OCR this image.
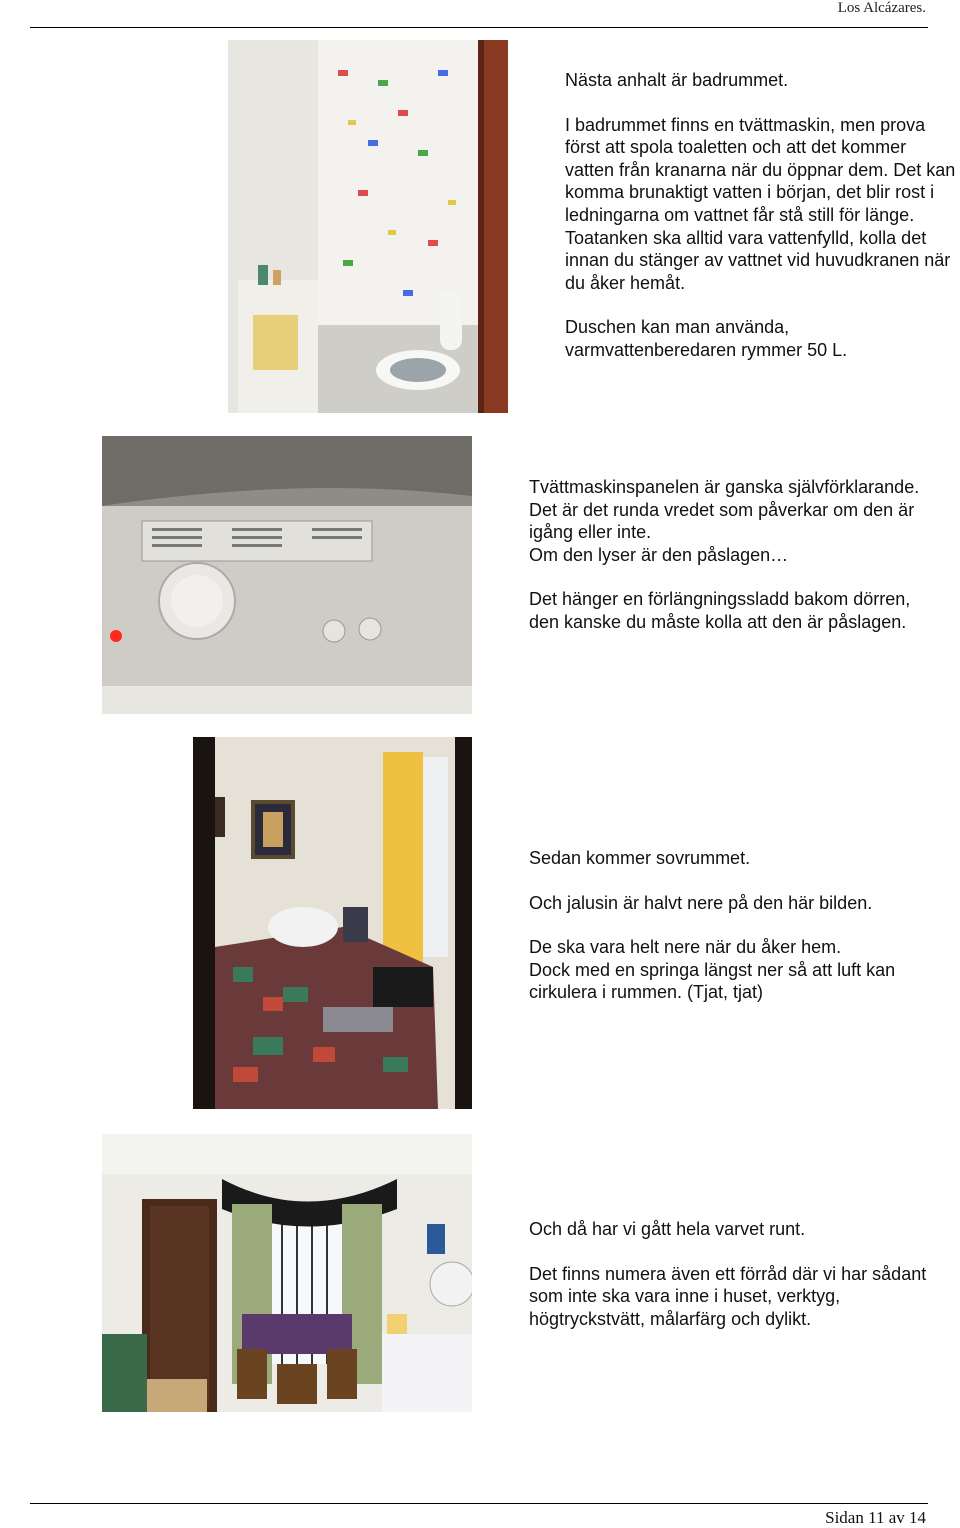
Los Alcázares.

Nästa anhalt är badrummet.

I badrummet finns en tvättmaskin, men prova först att spola toaletten och att det kommer vatten från kranarna när du öppnar dem. Det kan komma brunaktigt vatten i början, det blir rost i ledningarna om vattnet får stå still för länge.

Toatanken ska alltid vara vattenfylld, kolla det innan du stänger av vattnet vid huvudkranen när du åker hemåt.

Duschen kan man använda, varmvattenberedaren rymmer 50 L.

Tvättmaskinspanelen är ganska självförklarande.

Det är det runda vredet som påverkar om den är igång eller inte.

Om den lyser är den påslagen…

Det hänger en förlängningssladd bakom dörren, den kanske du måste kolla att den är påslagen.

Sedan kommer sovrummet.

Och jalusin är halvt nere på den här bilden.

De ska vara helt nere när du åker hem.

Dock med en springa längst ner så att luft kan cirkulera i rummen. (Tjat, tjat)

Och då har vi gått hela varvet runt.

Det finns numera även ett förråd där vi har sådant som inte ska vara inne i huset, verktyg, högtryckstvätt, målarfärg och dylikt.

Sidan 11 av 14
